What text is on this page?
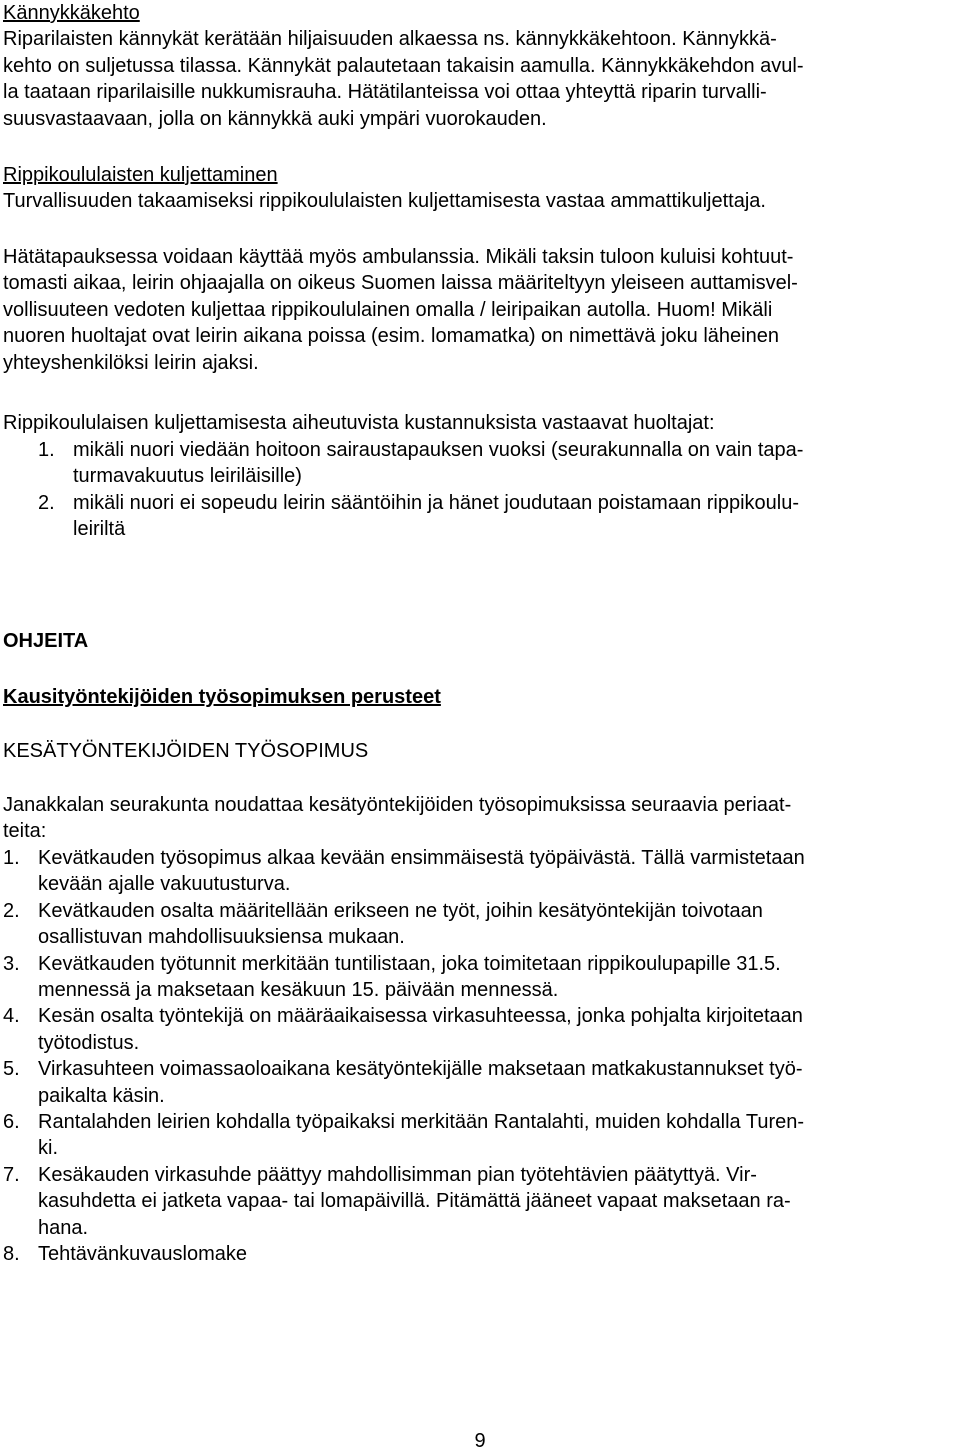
Kännykkäkehto
Riparilaisten kännykät kerätään hiljaisuuden alkaessa ns. kännykkäkehtoon. Kännykkä-
kehto on suljetussa tilassa. Kännykät palautetaan takaisin aamulla. Kännykkäkehdon avul-
la taataan riparilaisille nukkumisrauha. Hätätilanteissa voi ottaa yhteyttä riparin turvalli-
suusvastaavaan, jolla on kännykkä auki ympäri vuorokauden.
Rippikoululaisten kuljettaminen
Turvallisuuden takaamiseksi rippikoululaisten kuljettamisesta vastaa ammattikuljettaja.
Hätätapauksessa voidaan käyttää myös ambulanssia. Mikäli taksin tuloon kuluisi kohtuut-
tomasti aikaa, leirin ohjaajalla on oikeus Suomen laissa määriteltyyn yleiseen auttamisvel-
vollisuuteen vedoten kuljettaa rippikoululainen omalla / leiripaikan autolla. Huom! Mikäli
nuoren huoltajat ovat leirin aikana poissa (esim. lomamatka) on nimettävä joku läheinen
yhteyshenkilöksi leirin ajaksi.
Rippikoululaisen kuljettamisesta aiheutuvista kustannuksista vastaavat huoltajat:
1. mikäli nuori viedään hoitoon sairaustapauksen vuoksi (seurakunnalla on vain tapa-
turmavakuutus leiriläisille)
2. mikäli nuori ei sopeudu leirin sääntöihin ja hänet joudutaan poistamaan rippikoulu-
leiriltä
OHJEITA
Kausityöntekijöiden työsopimuksen perusteet
KESÄTYÖNTEKIJÖIDEN TYÖSOPIMUS
Janakkalan seurakunta noudattaa kesätyöntekijöiden työsopimuksissa seuraavia periaat-
teita:
1. Kevätkauden työsopimus alkaa kevään ensimmäisestä työpäivästä. Tällä varmistetaan
kevään ajalle vakuutusturva.
2. Kevätkauden osalta määritellään erikseen ne työt, joihin kesätyöntekijän toivotaan
osallistuvan mahdollisuuksiensa mukaan.
3. Kevätkauden työtunnit merkitään tuntilistaan, joka toimitetaan rippikoulupapille 31.5.
mennessä ja maksetaan kesäkuun 15. päivään mennessä.
4. Kesän osalta työntekijä on määräaikaisessa virkasuhteessa, jonka pohjalta kirjoitetaan
työtodistus.
5. Virkasuhteen voimassaoloaikana kesätyöntekijälle maksetaan matkakustannukset työ-
paikalta käsin.
6. Rantalahden leirien kohdalla työpaikaksi merkitään Rantalahti, muiden kohdalla Turen-
ki.
7. Kesäkauden virkasuhde päättyy mahdollisimman pian työtehtävien päätyttyä. Vir-
kasuhdetta ei jatketa vapaa- tai lomapäivillä. Pitämättä jääneet vapaat maksetaan ra-
hana.
8. Tehtävänkuvauslomake
9
